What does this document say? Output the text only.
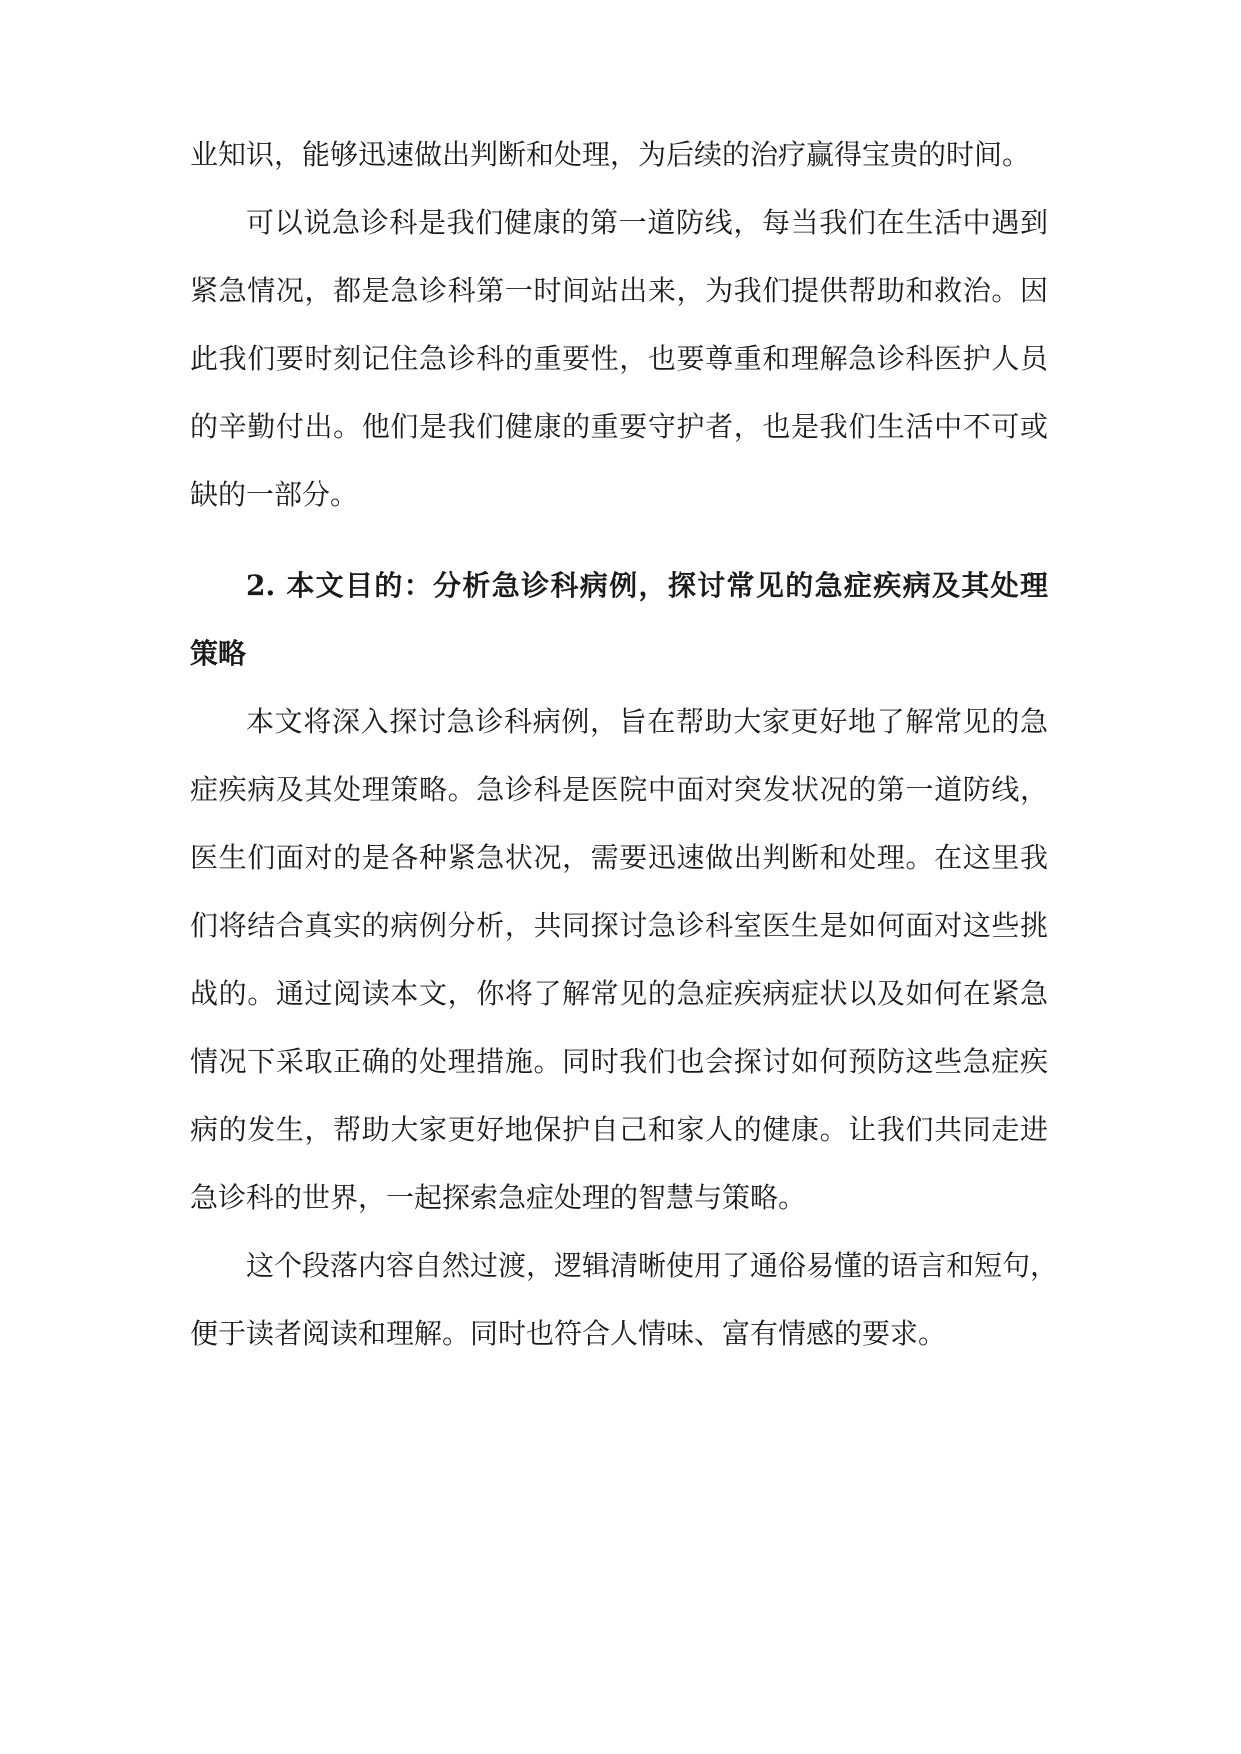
业知识，能够迅速做出判断和处理，为后续的治疗赢得宝贵的时间。
可以说急诊科是我们健康的第一道防线，每当我们在生活中遇到
紧急情况，都是急诊科第一时间站出来，为我们提供帮助和救治。因
此我们要时刻记住急诊科的重要性，也要尊重和理解急诊科医护人员
的辛勤付出。他们是我们健康的重要守护者，也是我们生活中不可或
缺的一部分。
2. 本文目的：分析急诊科病例，探讨常见的急症疾病及其处理
策略
本文将深入探讨急诊科病例，旨在帮助大家更好地了解常见的急
症疾病及其处理策略。急诊科是医院中面对突发状况的第一道防线，
医生们面对的是各种紧急状况，需要迅速做出判断和处理。在这里我
们将结合真实的病例分析，共同探讨急诊科室医生是如何面对这些挑
战的。通过阅读本文，你将了解常见的急症疾病症状以及如何在紧急
情况下采取正确的处理措施。同时我们也会探讨如何预防这些急症疾
病的发生，帮助大家更好地保护自己和家人的健康。让我们共同走进
急诊科的世界，一起探索急症处理的智慧与策略。
这个段落内容自然过渡，逻辑清晰使用了通俗易懂的语言和短句，
便于读者阅读和理解。同时也符合人情味、富有情感的要求。
